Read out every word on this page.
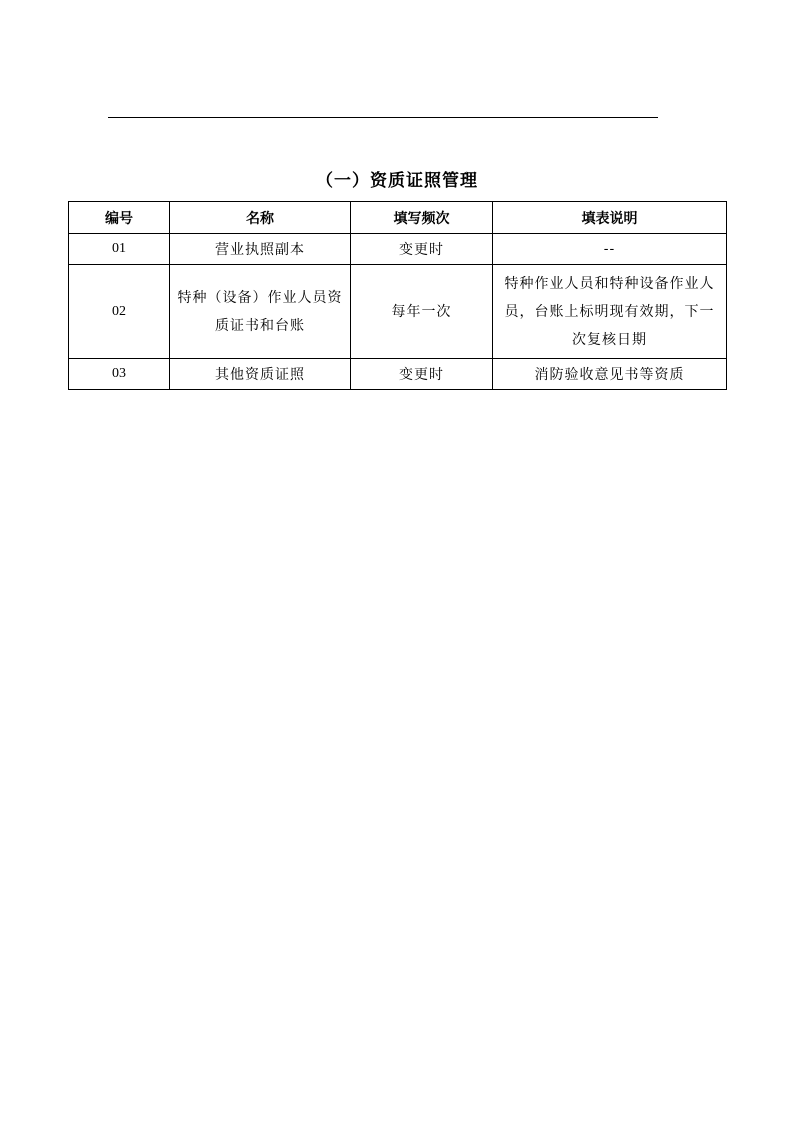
（一）资质证照管理
编号	名称	填写频次	填表说明
01	营业执照副本	变更时	--
02	特种（设备）作业人员资质证书和台账	每年一次	特种作业人员和特种设备作业人员，台账上标明现有效期，下一次复核日期
03	其他资质证照	变更时	消防验收意见书等资质
